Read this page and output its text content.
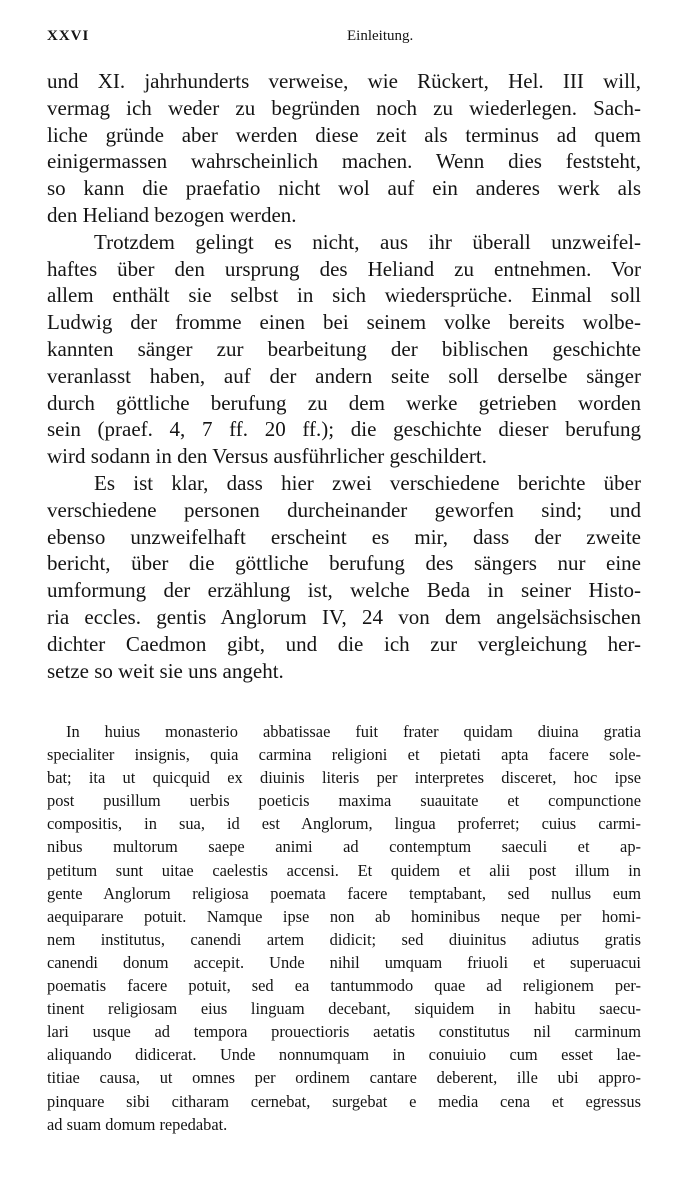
XXVI	Einleitung.
und XI. jahrhunderts verweise, wie Rückert, Hel. III will,
vermag ich weder zu begründen noch zu wiederlegen. Sach-
liche gründe aber werden diese zeit als terminus ad quem
einigermassen wahrscheinlich machen. Wenn dies feststeht,
so kann die praefatio nicht wol auf ein anderes werk als
den Heliand bezogen werden.
Trotzdem gelingt es nicht, aus ihr überall unzweifel-
haftes über den ursprung des Heliand zu entnehmen. Vor
allem enthält sie selbst in sich wiedersprüche. Einmal soll
Ludwig der fromme einen bei seinem volke bereits wolbe-
kannten sänger zur bearbeitung der biblischen geschichte
veranlasst haben, auf der andern seite soll derselbe sänger
durch göttliche berufung zu dem werke getrieben worden
sein (praef. 4, 7 ff. 20 ff.); die geschichte dieser berufung
wird sodann in den Versus ausführlicher geschildert.
Es ist klar, dass hier zwei verschiedene berichte über
verschiedene personen durcheinander geworfen sind; und
ebenso unzweifelhaft erscheint es mir, dass der zweite
bericht, über die göttliche berufung des sängers nur eine
umformung der erzählung ist, welche Beda in seiner Histo-
ria eccles. gentis Anglorum IV, 24 von dem angelsächsischen
dichter Caedmon gibt, und die ich zur vergleichung her-
setze so weit sie uns angeht.
In huius monasterio abbatissae fuit frater quidam diuina gratia
specialiter insignis, quia carmina religioni et pietati apta facere sole-
bat; ita ut quicquid ex diuinis literis per interpretes disceret, hoc ipse
post pusillum uerbis poeticis maxima suauitate et compunctione
compositis, in sua, id est Anglorum, lingua proferret; cuius carmi-
nibus multorum saepe animi ad contemptum saeculi et ap-
petitum sunt uitae caelestis accensi. Et quidem et alii post illum in
gente Anglorum religiosa poemata facere temptabant, sed nullus eum
aequiparare potuit. Namque ipse non ab hominibus neque per homi-
nem institutus, canendi artem didicit; sed diuinitus adiutus gratis
canendi donum accepit. Unde nihil umquam friuoli et superuacui
poematis facere potuit, sed ea tantummodo quae ad religionem per-
tinent religiosam eius linguam decebant, siquidem in habitu saecu-
lari usque ad tempora prouectioris aetatis constitutus nil carminum
aliquando didicerat. Unde nonnumquam in conuiuio cum esset lae-
titiae causa, ut omnes per ordinem cantare deberent, ille ubi appro-
pinquare sibi citharam cernebat, surgebat e media cena et egressus
ad suam domum repedabat.
